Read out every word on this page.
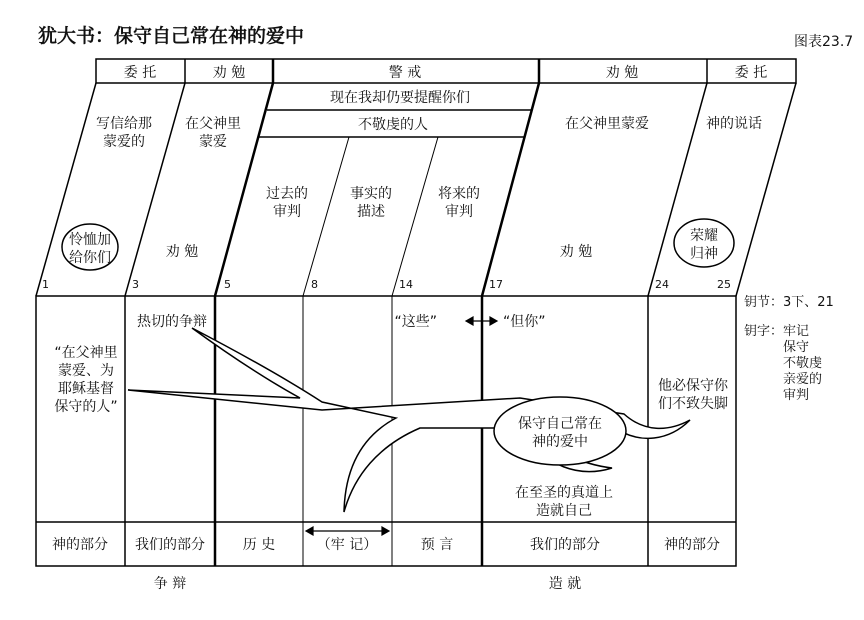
犹大书：保守自己常在神的爱中	图表23.7
委 托	劝 勉	警 戒	劝 勉	委 托
现在我却仍要提醒你们
不敬虔的人
写信给那
蒙爱的
在父神里
蒙爱
过去的
审判
事实的
描述
将来的
审判
在父神里蒙爱	神的说话
怜恤加
给你们
荣耀
归神
劝 勉	劝 勉
1	3	5	8	14	17	24	25
保守自己常在
神的爱中
热切的争辩
“在父神里
蒙爱、为
耶稣基督
保守的人”
“这些”	“但你”
他必保守你
们不致失脚
在至圣的真道上
造就自己
神的部分 我们的部分	历 史	（牢 记）	预 言	我们的部分	神的部分
争 辩	造 就
钥节：3下、21
钥字： 牢记
保守
不敬虔
亲爱的
审判
